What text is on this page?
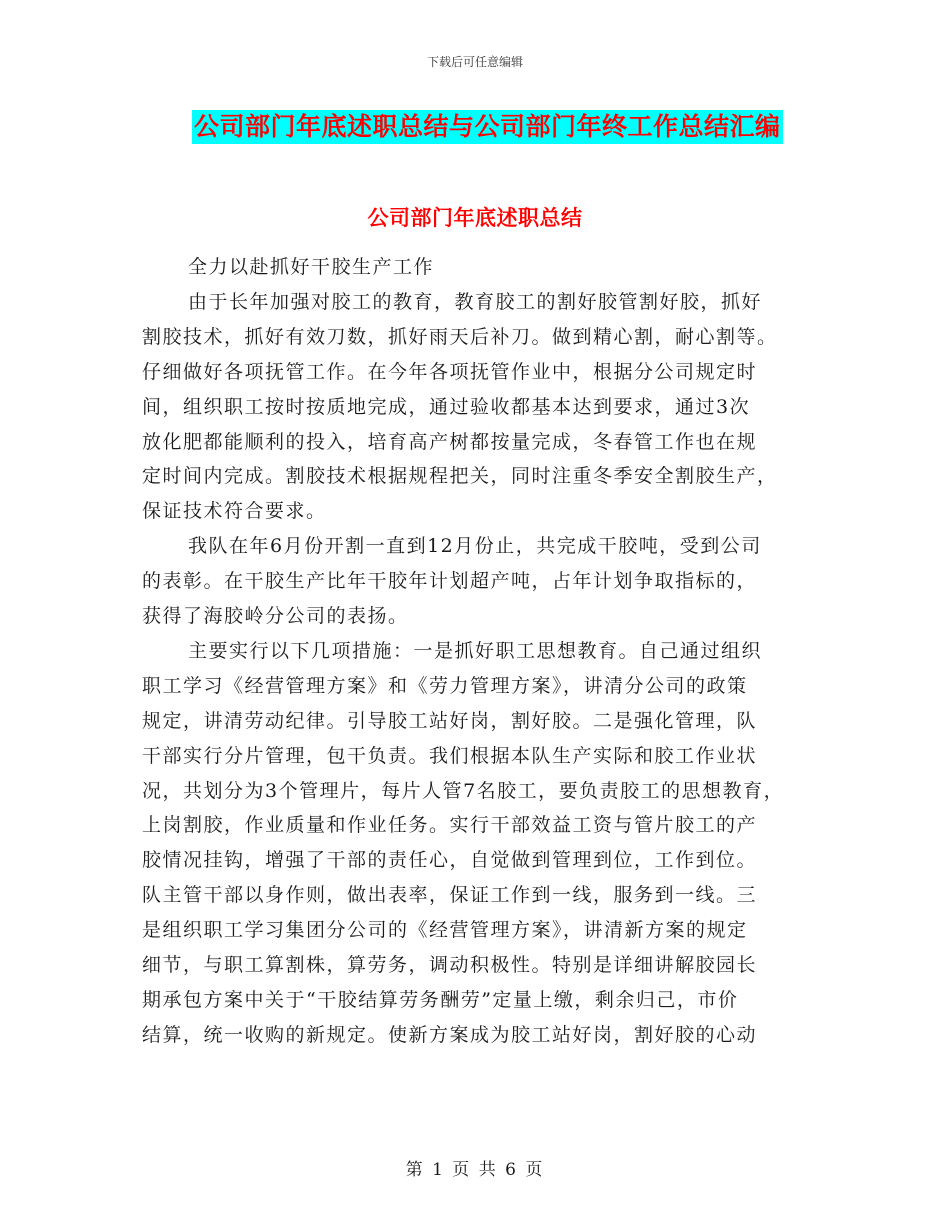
下载后可任意编辑
公司部门年底述职总结与公司部门年终工作总结汇编
公司部门年底述职总结
全力以赴抓好干胶生产工作
由于长年加强对胶工的教育，教育胶工的割好胶管割好胶，抓好
割胶技术，抓好有效刀数，抓好雨天后补刀。做到精心割，耐心割等。
仔细做好各项抚管工作。在今年各项抚管作业中，根据分公司规定时
间，组织职工按时按质地完成，通过验收都基本达到要求，通过3次
放化肥都能顺利的投入，培育高产树都按量完成，冬春管工作也在规
定时间内完成。割胶技术根据规程把关，同时注重冬季安全割胶生产，
保证技术符合要求。
我队在年6月份开割一直到12月份止，共完成干胶吨，受到公司
的表彰。在干胶生产比年干胶年计划超产吨，占年计划争取指标的，
获得了海胶岭分公司的表扬。
主要实行以下几项措施：一是抓好职工思想教育。自己通过组织
职工学习《经营管理方案》和《劳力管理方案》，讲清分公司的政策
规定，讲清劳动纪律。引导胶工站好岗，割好胶。二是强化管理，队
干部实行分片管理，包干负责。我们根据本队生产实际和胶工作业状
况，共划分为3个管理片，每片人管7名胶工，要负责胶工的思想教育，
上岗割胶，作业质量和作业任务。实行干部效益工资与管片胶工的产
胶情况挂钩，增强了干部的责任心，自觉做到管理到位，工作到位。
队主管干部以身作则，做出表率，保证工作到一线，服务到一线。三
是组织职工学习集团分公司的《经营管理方案》，讲清新方案的规定
细节，与职工算割株，算劳务，调动积极性。特别是详细讲解胶园长
期承包方案中关于“干胶结算劳务酬劳”定量上缴，剩余归己，市价
结算，统一收购的新规定。使新方案成为胶工站好岗，割好胶的心动
第 1 页 共 6 页
